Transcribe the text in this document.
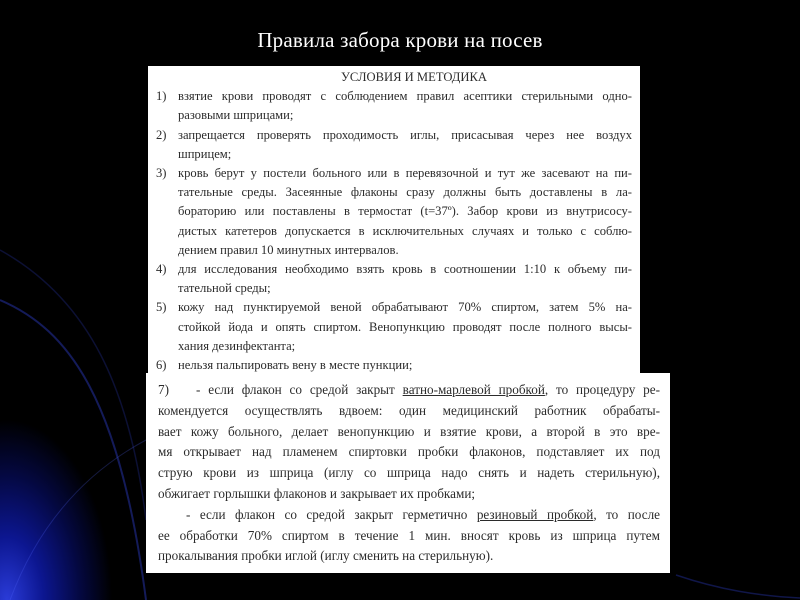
Правила забора крови на посев
УСЛОВИЯ И МЕТОДИКА
1) взятие крови проводят с соблюдением правил асептики стерильными одно-
разовыми шприцами;
2) запрещается проверять проходимость иглы, присасывая через нее воздух
шприцем;
3) кровь берут у постели больного или в перевязочной и тут же засевают на пи-
тательные среды. Засеянные флаконы сразу должны быть доставлены в ла-
бораторию или поставлены в термостат (t=37º). Забор крови из внутрисосу-
дистых катетеров допускается в исключительных случаях и только с соблю-
дением правил 10 минутных интервалов.
4) для исследования необходимо взять кровь в соотношении 1:10 к объему пи-
тательной среды;
5) кожу над пунктируемой веной обрабатывают 70% спиртом, затем 5% на-
стойкой йода и опять спиртом. Венопункцию проводят после полного высы-
хания дезинфектанта;
6) нельзя пальпировать вену в месте пункции;
7)	- если флакон со средой закрыт ватно-марлевой пробкой, то процедуру ре-
комендуется осуществлять вдвоем: один медицинский работник обрабаты-
вает кожу больного, делает венопункцию и взятие крови, а второй в это вре-
мя открывает над пламенем спиртовки пробки флаконов, подставляет их под
струю крови из шприца (иглу со шприца надо снять и надеть стерильную),
обжигает горлышки флаконов и закрывает их пробками;
- если флакон со средой закрыт герметично резиновый пробкой, то после
ее обработки 70% спиртом в течение 1 мин. вносят кровь из шприца путем
прокалывания пробки иглой (иглу сменить на стерильную).
